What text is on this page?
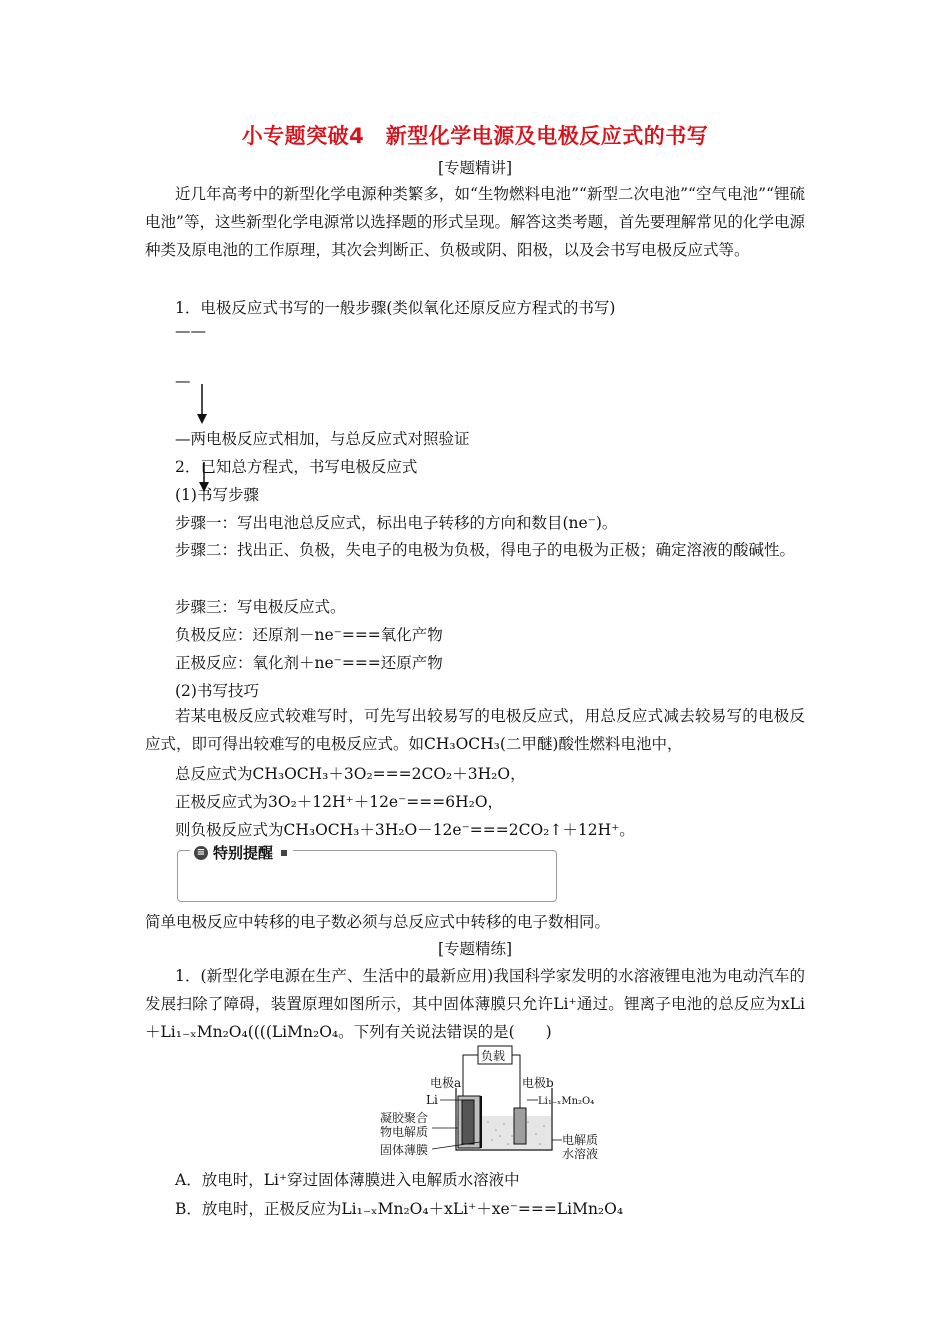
小专题突破4　新型化学电源及电极反应式的书写
[专题精讲]
近几年高考中的新型化学电源种类繁多，如“生物燃料电池”“新型二次电池”“空气电池”“锂硫电池”等，这些新型化学电源常以选择题的形式呈现。解答这类考题，首先要理解常见的化学电源种类及原电池的工作原理，其次会判断正、负极或阴、阳极，以及会书写电极反应式等。
1．电极反应式书写的一般步骤(类似氧化还原反应方程式的书写)
——
—
—两电极反应式相加，与总反应式对照验证
2．已知总方程式，书写电极反应式
(1)书写步骤
步骤一：写出电池总反应式，标出电子转移的方向和数目(ne⁻)。
步骤二：找出正、负极，失电子的电极为负极，得电子的电极为正极；确定溶液的酸碱性。
步骤三：写电极反应式。
负极反应：还原剂－ne⁻===氧化产物
正极反应：氧化剂＋ne⁻===还原产物
(2)书写技巧
若某电极反应式较难写时，可先写出较易写的电极反应式，用总反应式减去较易写的电极反应式，即可得出较难写的电极反应式。如CH₃OCH₃(二甲醚)酸性燃料电池中，
总反应式为CH₃OCH₃＋3O₂===2CO₂＋3H₂O，
正极反应式为3O₂＋12H⁺＋12e⁻===6H₂O，
则负极反应式为CH₃OCH₃＋3H₂O－12e⁻===2CO₂↑＋12H⁺。
≡ 特别提醒
简单电极反应中转移的电子数必须与总反应式中转移的电子数相同。
[专题精练]
1．(新型化学电源在生产、生活中的最新应用)我国科学家发明的水溶液锂电池为电动汽车的发展扫除了障碍，装置原理如图所示，其中固体薄膜只允许Li⁺通过。锂离子电池的总反应为xLi＋Li₁₋ₓMn₂O₄((((LiMn₂O₄。下列有关说法错误的是(　　)
负载
电极a
Li
凝胶聚合
物电解质
固体薄膜
电极b
Li₁₋ₓMn₂O₄
电解质
水溶液
A．放电时，Li⁺穿过固体薄膜进入电解质水溶液中
B．放电时，正极反应为Li₁₋ₓMn₂O₄＋xLi⁺＋xe⁻===LiMn₂O₄
